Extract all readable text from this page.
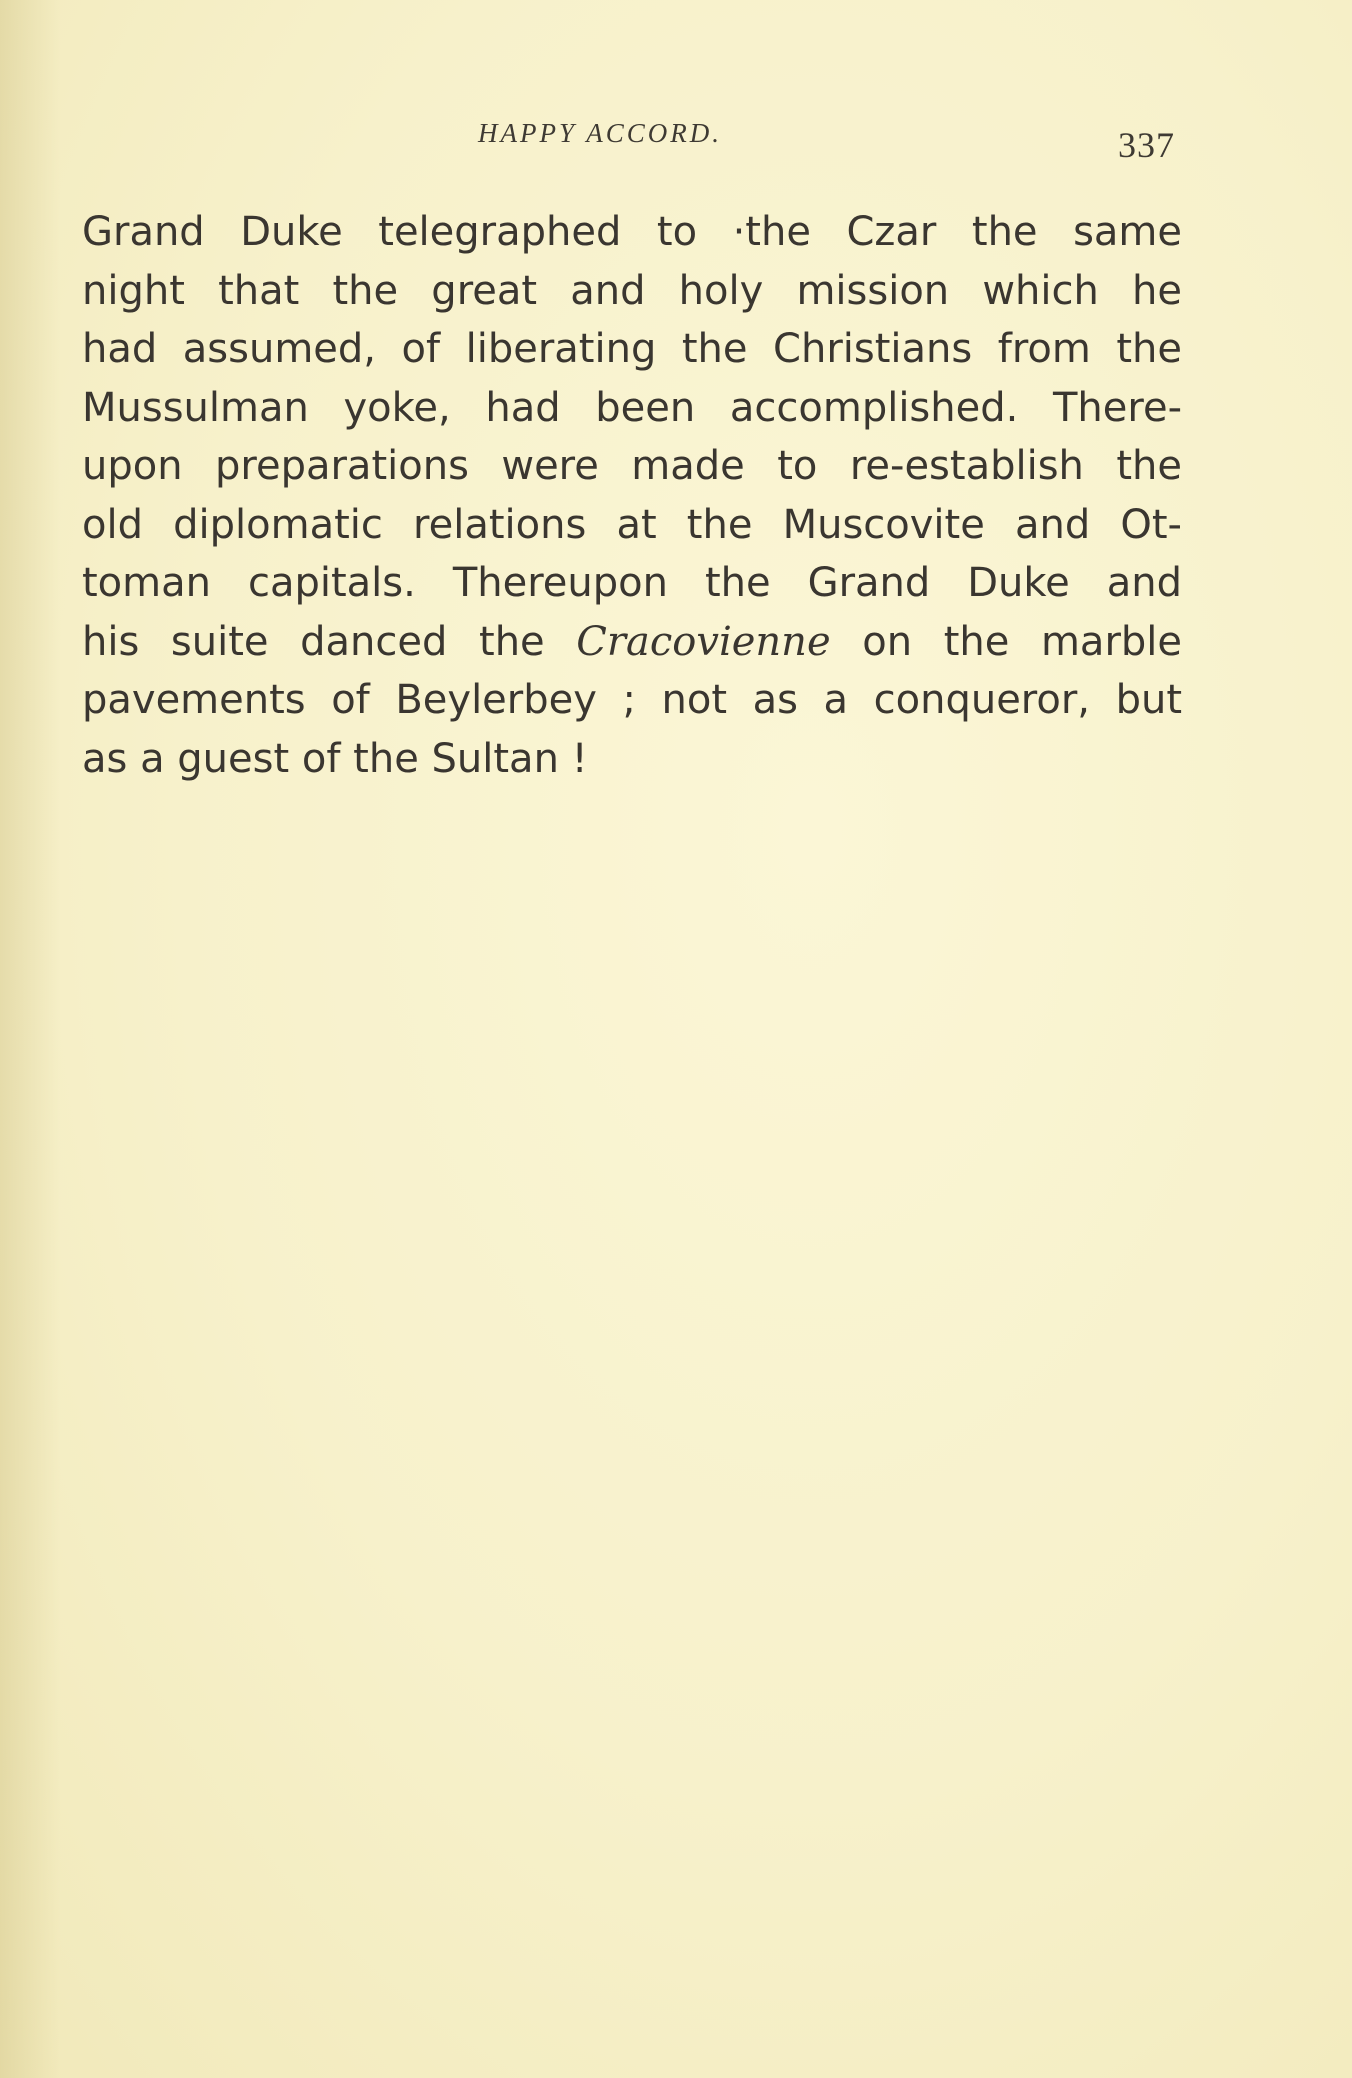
HAPPY ACCORD.	337

Grand Duke telegraphed to ·the Czar the same
night that the great and holy mission which he
had assumed, of liberating the Christians from the
Mussulman yoke, had been accomplished. There-
upon preparations were made to re-establish the
old diplomatic relations at the Muscovite and Ot-
toman capitals. Thereupon the Grand Duke and
his suite danced the Cracovienne on the marble
pavements of Beylerbey ; not as a conqueror, but
as a guest of the Sultan !
